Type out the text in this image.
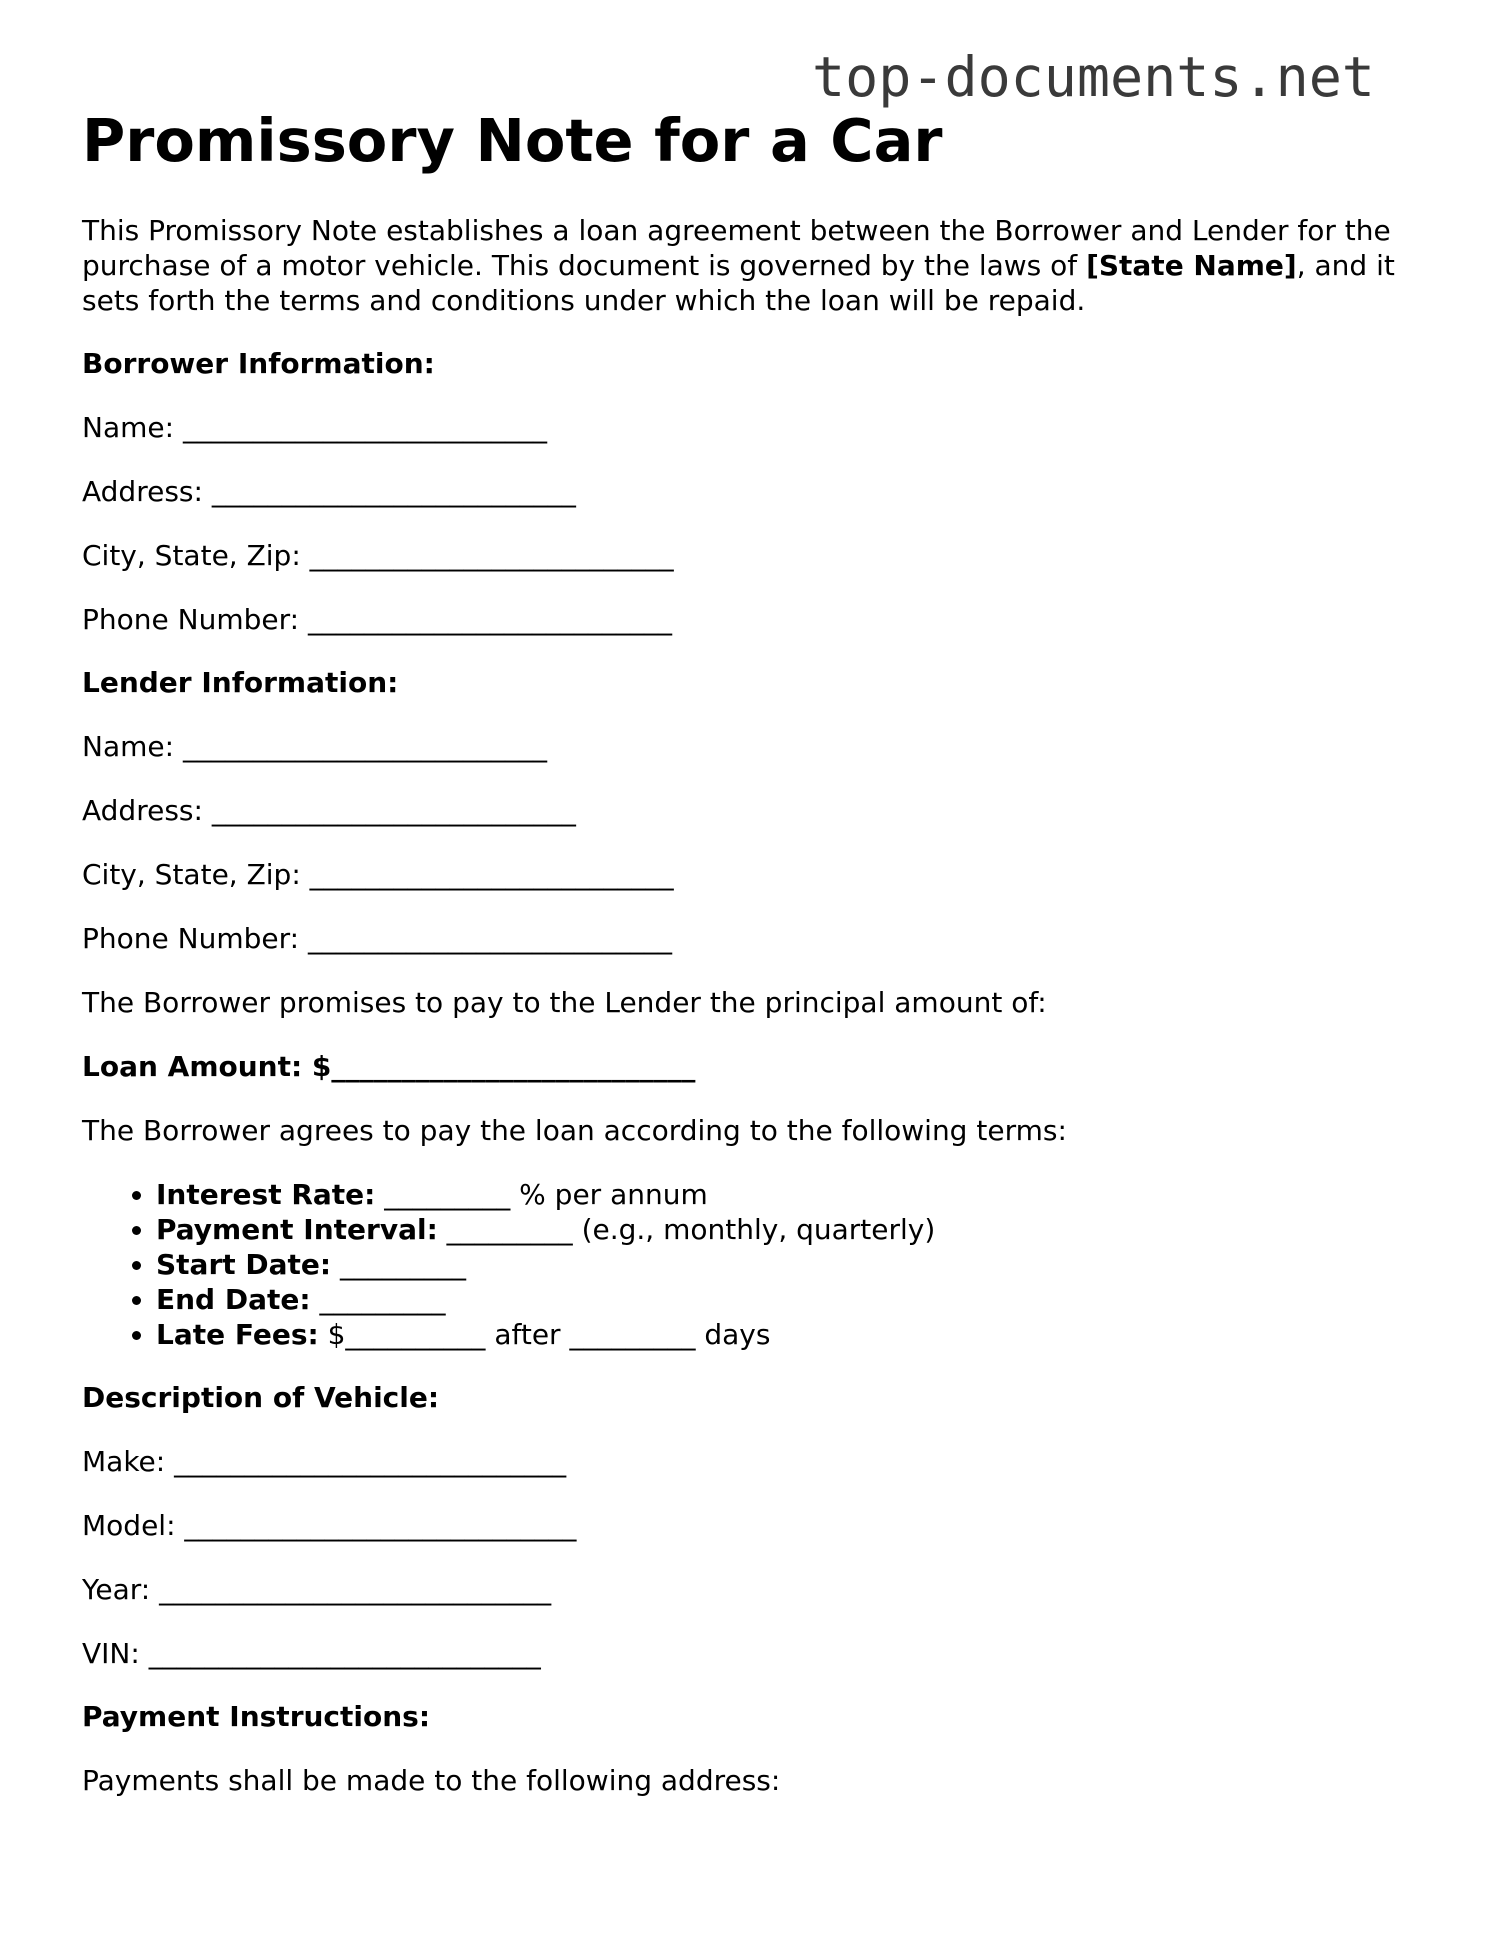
top-documents.net
Promissory Note for a Car

This Promissory Note establishes a loan agreement between the Borrower and Lender for the purchase of a motor vehicle. This document is governed by the laws of [State Name], and it sets forth the terms and conditions under which the loan will be repaid.

Borrower Information:
Name: __________________________
Address: __________________________
City, State, Zip: __________________________
Phone Number: __________________________
Lender Information:
Name: __________________________
Address: __________________________
City, State, Zip: __________________________
Phone Number: __________________________

The Borrower promises to pay to the Lender the principal amount of:

Loan Amount: $__________________________

The Borrower agrees to pay the loan according to the following terms:

• Interest Rate: _________ % per annum
• Payment Interval: _________ (e.g., monthly, quarterly)
• Start Date: _________
• End Date: _________
• Late Fees: $__________ after _________ days
Description of Vehicle:
Make: ____________________________
Model: ____________________________
Year: ____________________________
VIN: ____________________________
Payment Instructions:

Payments shall be made to the following address:
